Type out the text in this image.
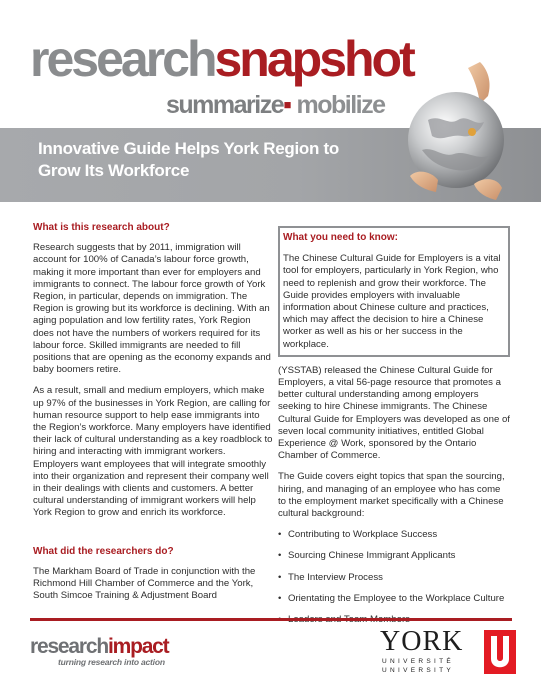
researchsnapshot
summarize▪ mobilize
Innovative Guide Helps York Region to
Grow Its Workforce
What is this research about?

Research suggests that by 2011, immigration will account for 100% of Canada’s labour force growth, making it more important than ever for employers and immigrants to connect. The labour force growth of York Region, in particular, depends on immigration. The Region is growing but its workforce is declining. With an aging population and low fertility rates, York Region does not have the numbers of workers required for its labour force. Skilled immigrants are needed to fill positions that are opening as the economy expands and baby boomers retire.

As a result, small and medium employers, which make up 97% of the businesses in York Region, are calling for human resource support to help ease immigrants into the Region’s workforce. Many employers have identified their lack of cultural understanding as a key roadblock to hiring and interacting with immigrant workers. Employers want employees that will integrate smoothly into their organization and represent their company well in their dealings with clients and customers. A better cultural understanding of immigrant workers will help York Region to grow and enrich its workforce.

What did the researchers do?

The Markham Board of Trade in conjunction with the Richmond Hill Chamber of Commerce and the York, South Simcoe Training & Adjustment Board

What you need to know:

The Chinese Cultural Guide for Employers is a vital tool for employers, particularly in York Region, who need to replenish and grow their workforce. The Guide provides employers with invaluable information about Chinese culture and practices, which may affect the decision to hire a Chinese worker as well as his or her success in the workplace.

(YSSTAB) released the Chinese Cultural Guide for Employers, a vital 56-page resource that promotes a better cultural understanding among employers seeking to hire Chinese immigrants. The Chinese Cultural Guide for Employers was developed as one of seven local community initiatives, entitled Global Experience @ Work, sponsored by the Ontario Chamber of Commerce.

The Guide covers eight topics that span the sourcing, hiring, and managing of an employee who has come to the employment market specifically with a Chinese cultural background:

• Contributing to Workplace Success
• Sourcing Chinese Immigrant Applicants
• The Interview Process
• Orientating the Employee to the Workplace Culture
•
researchimpact
turning research into action
YORK
UNIVERSITÉ
UNIVERSITY
